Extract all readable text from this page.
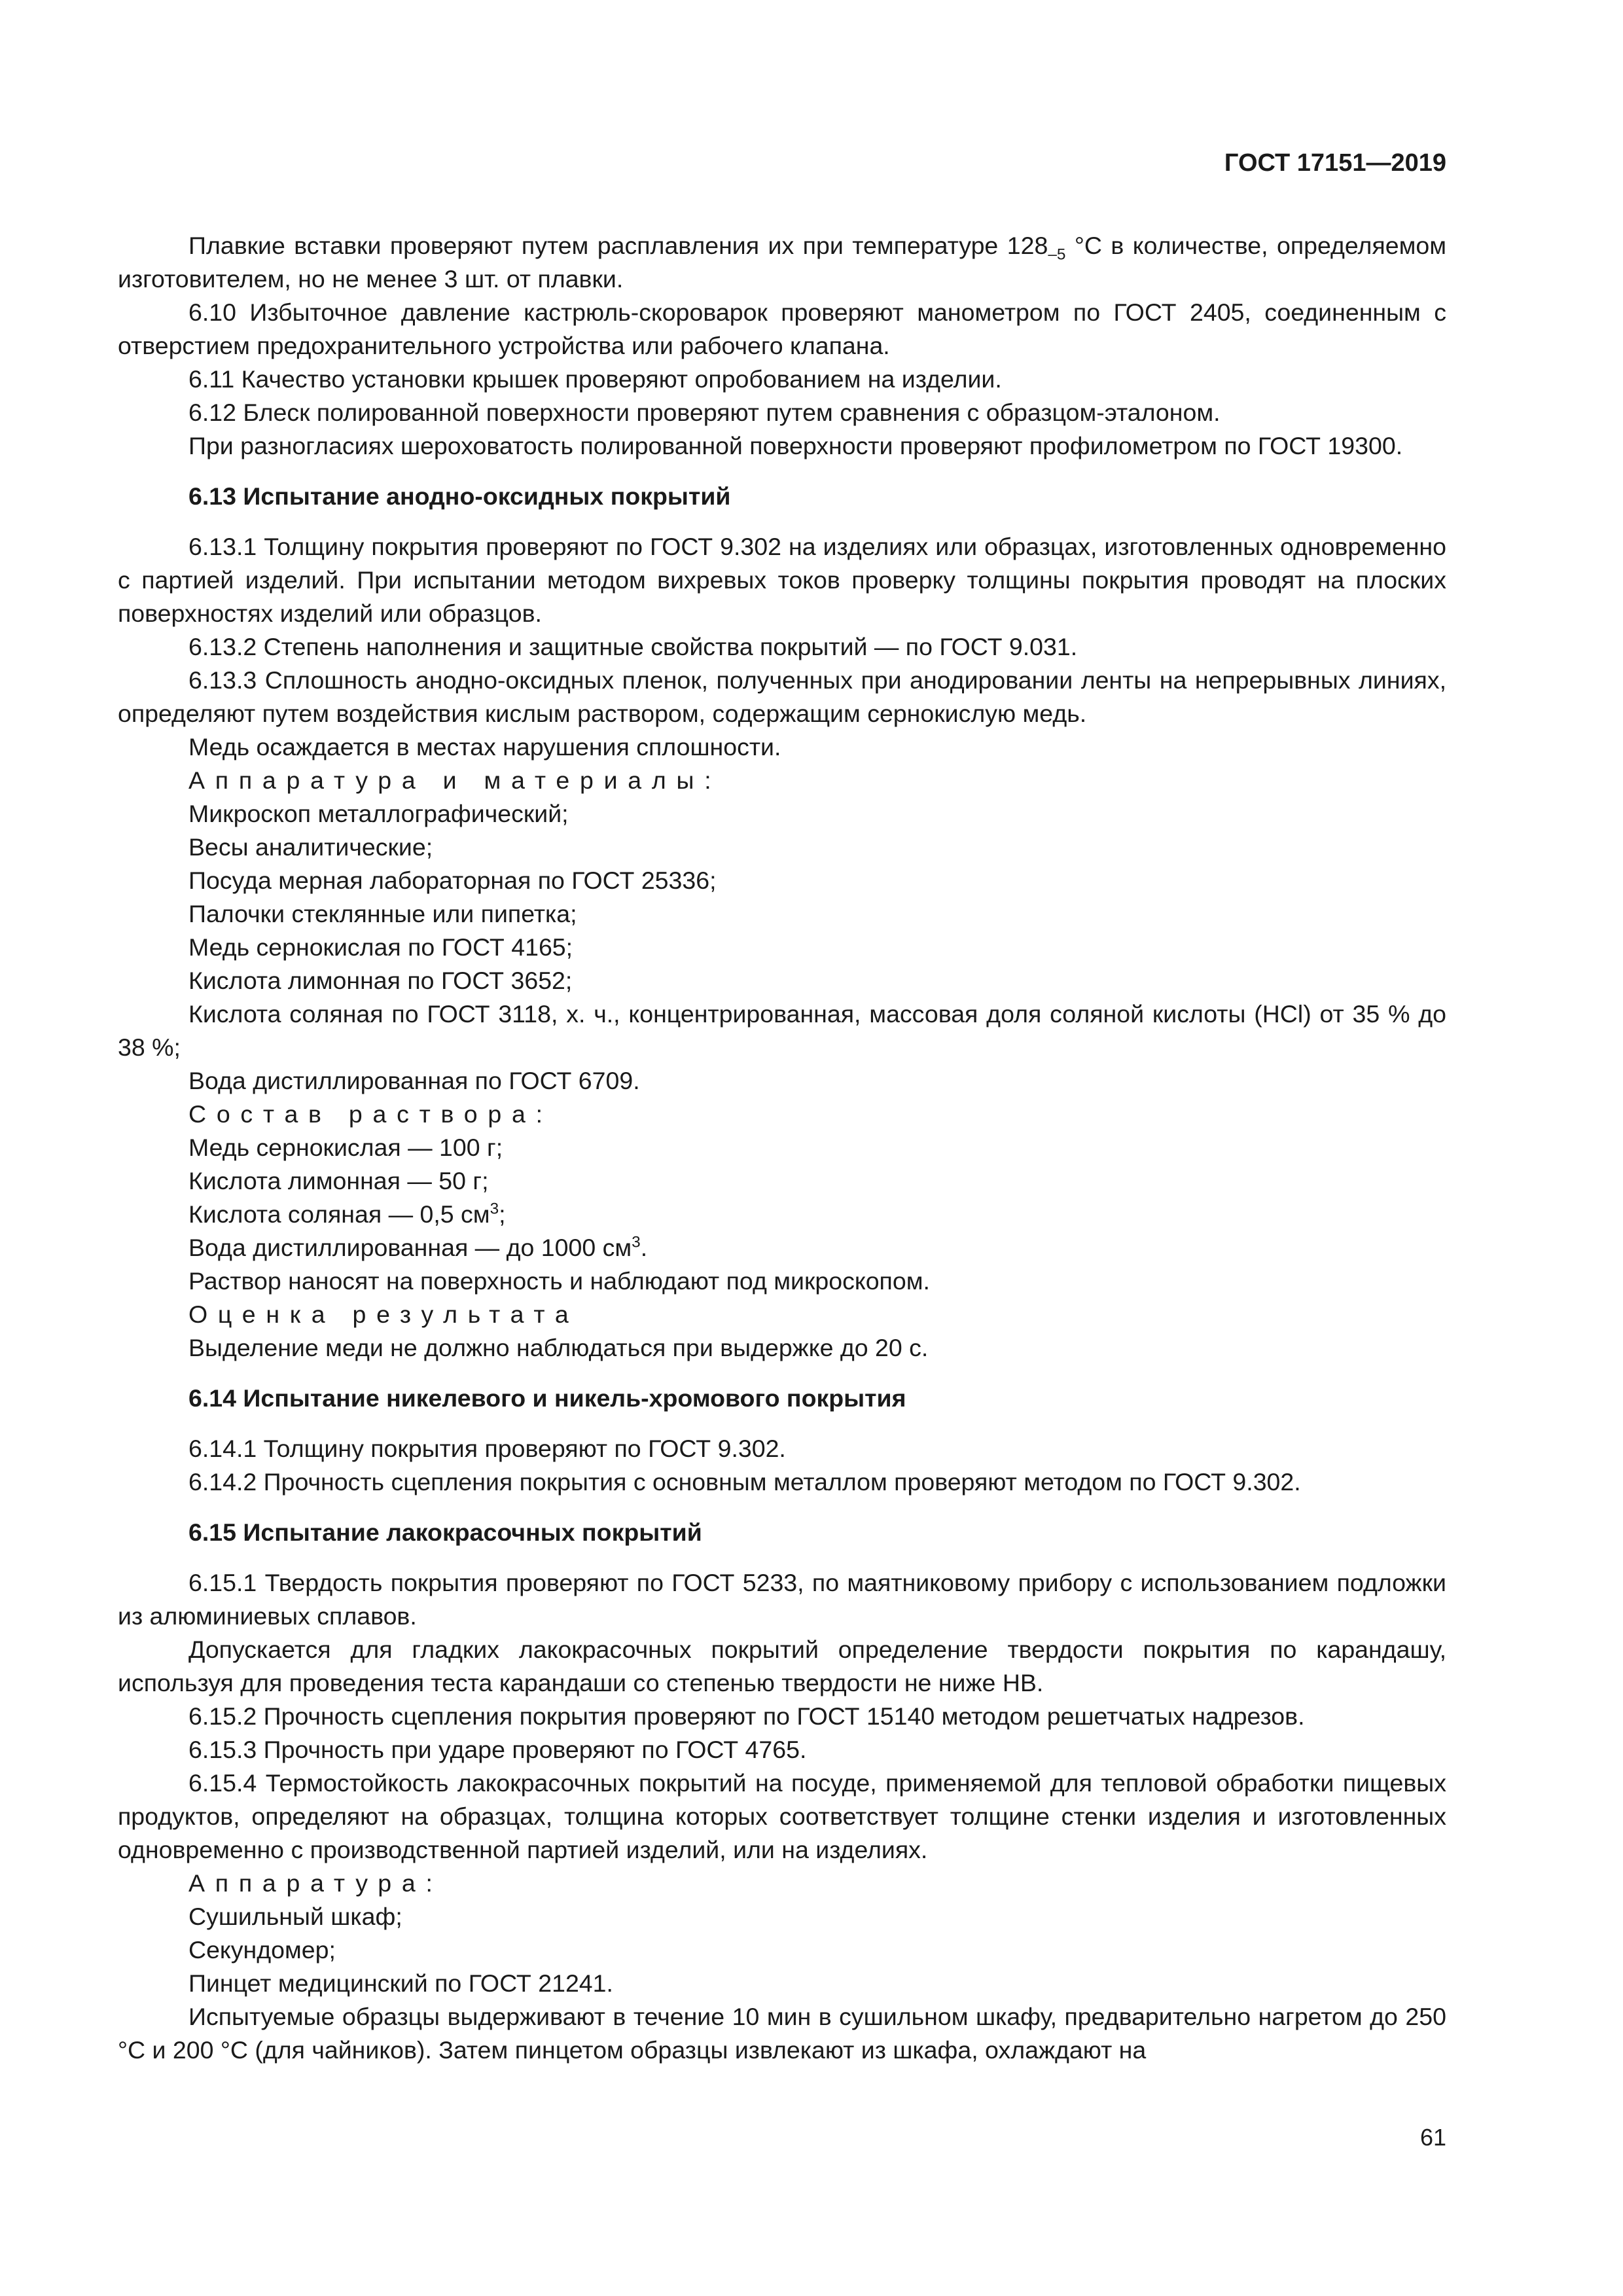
ГОСТ 17151—2019

Плавкие вставки проверяют путем расплавления их при температуре $128_{-5}$ °С в количестве, определяемом изготовителем, но не менее 3 шт. от плавки.

6.10 Избыточное давление кастрюль-скороварок проверяют манометром по ГОСТ 2405, соединенным с отверстием предохранительного устройства или рабочего клапана.

6.11 Качество установки крышек проверяют опробованием на изделии.

6.12 Блеск полированной поверхности проверяют путем сравнения с образцом-эталоном.

При разногласиях шероховатость полированной поверхности проверяют профилометром по ГОСТ 19300.

6.13 Испытание анодно-оксидных покрытий

6.13.1 Толщину покрытия проверяют по ГОСТ 9.302 на изделиях или образцах, изготовленных одновременно с партией изделий. При испытании методом вихревых токов проверку толщины покрытия проводят на плоских поверхностях изделий или образцов.

6.13.2 Степень наполнения и защитные свойства покрытий — по ГОСТ 9.031.

6.13.3 Сплошность анодно-оксидных пленок, полученных при анодировании ленты на непрерывных линиях, определяют путем воздействия кислым раствором, содержащим сернокислую медь.

Медь осаждается в местах нарушения сплошности.

Аппаратура и материалы:

Микроскоп металлографический;

Весы аналитические;

Посуда мерная лабораторная по ГОСТ 25336;

Палочки стеклянные или пипетка;

Медь сернокислая по ГОСТ 4165;

Кислота лимонная по ГОСТ 3652;

Кислота соляная по ГОСТ 3118, х. ч., концентрированная, массовая доля соляной кислоты (HCl) от 35 % до 38 %;

Вода дистиллированная по ГОСТ 6709.

Состав раствора:

Медь сернокислая — 100 г;

Кислота лимонная — 50 г;

Кислота соляная — 0,5 $см^3$;

Вода дистиллированная — до 1000 $см^3$.

Раствор наносят на поверхность и наблюдают под микроскопом.

Оценка результата

Выделение меди не должно наблюдаться при выдержке до 20 с.

6.14 Испытание никелевого и никель-хромового покрытия

6.14.1 Толщину покрытия проверяют по ГОСТ 9.302.

6.14.2 Прочность сцепления покрытия с основным металлом проверяют методом по ГОСТ 9.302.

6.15 Испытание лакокрасочных покрытий

6.15.1 Твердость покрытия проверяют по ГОСТ 5233, по маятниковому прибору с использованием подложки из алюминиевых сплавов.

Допускается для гладких лакокрасочных покрытий определение твердости покрытия по карандашу, используя для проведения теста карандаши со степенью твердости не ниже НВ.

6.15.2 Прочность сцепления покрытия проверяют по ГОСТ 15140 методом решетчатых надрезов.

6.15.3 Прочность при ударе проверяют по ГОСТ 4765.

6.15.4 Термостойкость лакокрасочных покрытий на посуде, применяемой для тепловой обработки пищевых продуктов, определяют на образцах, толщина которых соответствует толщине стенки изделия и изготовленных одновременно с производственной партией изделий, или на изделиях.

Аппаратура:

Сушильный шкаф;

Секундомер;

Пинцет медицинский по ГОСТ 21241.

Испытуемые образцы выдерживают в течение 10 мин в сушильном шкафу, предварительно нагретом до 250 °С и 200 °С (для чайников). Затем пинцетом образцы извлекают из шкафа, охлаждают на

61
